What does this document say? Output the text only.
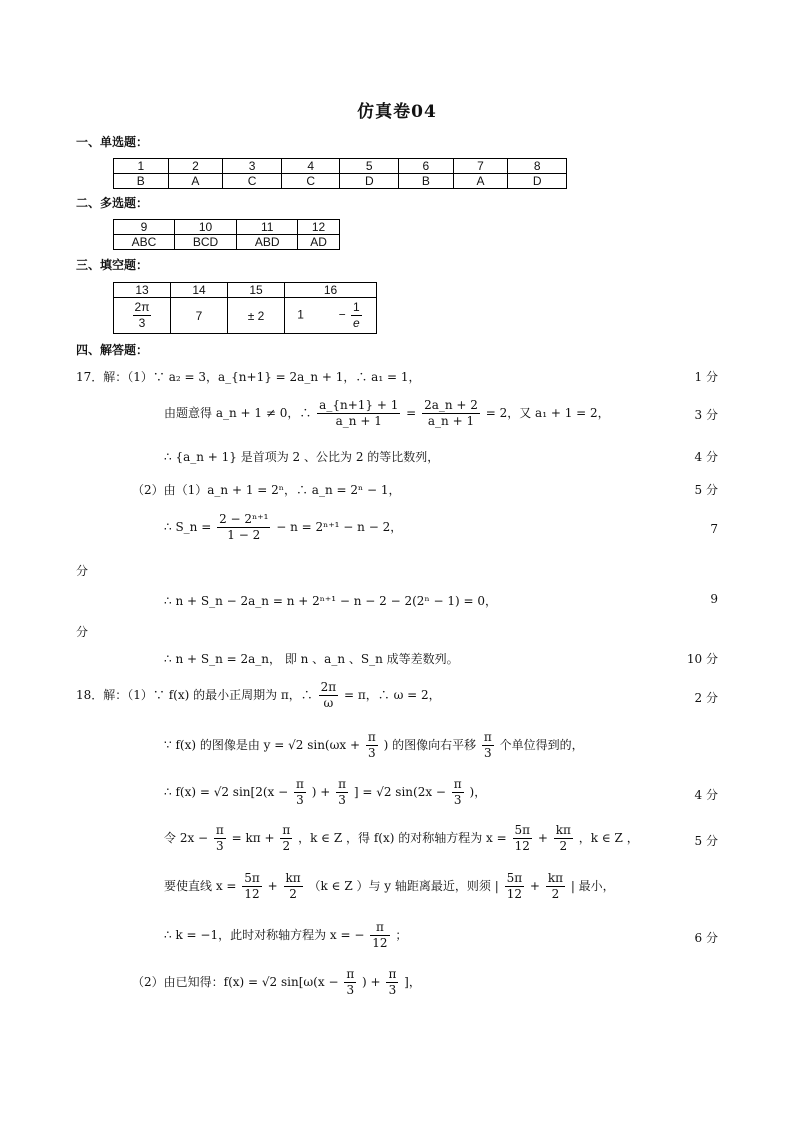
仿真卷04
一、单选题：
1	2	3	4	5	6	7	8
B	A	C	C	D	B	A	D
二、多选题：
9	10	11	12
ABC	BCD	ABD	AD
三、填空题：
13	14	15	16

$\frac{2\pi}{3}$	7	± 2	$1 - \frac{1}{e}$
四、解答题：
17．解：（1）∵ a₂ = 3，a_{n+1} = 2a_n + 1，∴ a₁ = 1，	1 分
由题意得 a_n + 1 ≠ 0，∴ $\frac{a\_\{n+1\} + 1}{a\_n + 1} = \frac{2a\_n + 2}{a\_n + 1} = 2$，又 a₁ + 1 = 2，	3 分
∴ {a_n + 1} 是首项为 2 、公比为 2 的等比数列，	4 分
（2）由（1）a_n + 1 = 2ⁿ，∴ a_n = 2ⁿ − 1，	5 分
∴ S_n = $\frac{\text{2 − 2ⁿ⁺¹}}{1 - 2} - n = 2^{n+1} - n - 2$，	7
分
∴ n + S_n − 2a_n = n + 2ⁿ⁺¹ − n − 2 − 2(2ⁿ − 1) = 0，	9
分
∴ n + S_n = 2a_n， 即 n 、a_n 、S_n 成等差数列。	10 分
18．解：（1）∵ f(x) 的最小正周期为 π，∴ $\frac{2\pi}{\omega} = \pi$，∴ ω = 2，	2 分
∵ f(x) 的图像是由 y = √2 $\sin(\omega x + \frac{\pi}{3}$ ) 的图像向右平移 $\frac{\pi}{3}$ 个单位得到的，
∴ f(x) = √2 $\sin[2(x - \frac{\pi}{3}$ ) + $\frac{\pi}{3}$ ] = √2 $\sin(2x - \frac{\pi}{3}$ )，	4 分
令 $2x - \frac{\pi}{3} = k\pi + \frac{\pi}{2}$ ，k ∈ Z ，得 f(x) 的对称轴方程为 $x = \frac{5\pi}{12} + \frac{k\pi}{2}$ ，k ∈ Z ，	5 分
要使直线 $x = \frac{5\pi}{12} + \frac{k\pi}{2} (k$ ∈ Z ）与 y 轴距离最近，则须 | $\frac{5\pi}{12} + \frac{k\pi}{2}$ | 最小，
∴ k = −1，此时对称轴方程为 x = − $\frac{\pi}{12}$ ；	6 分
（2）由已知得：f(x) = √2 $\sin[\omega(x - \frac{\pi}{3}$ ) + $\frac{\pi}{3}$ ]，
